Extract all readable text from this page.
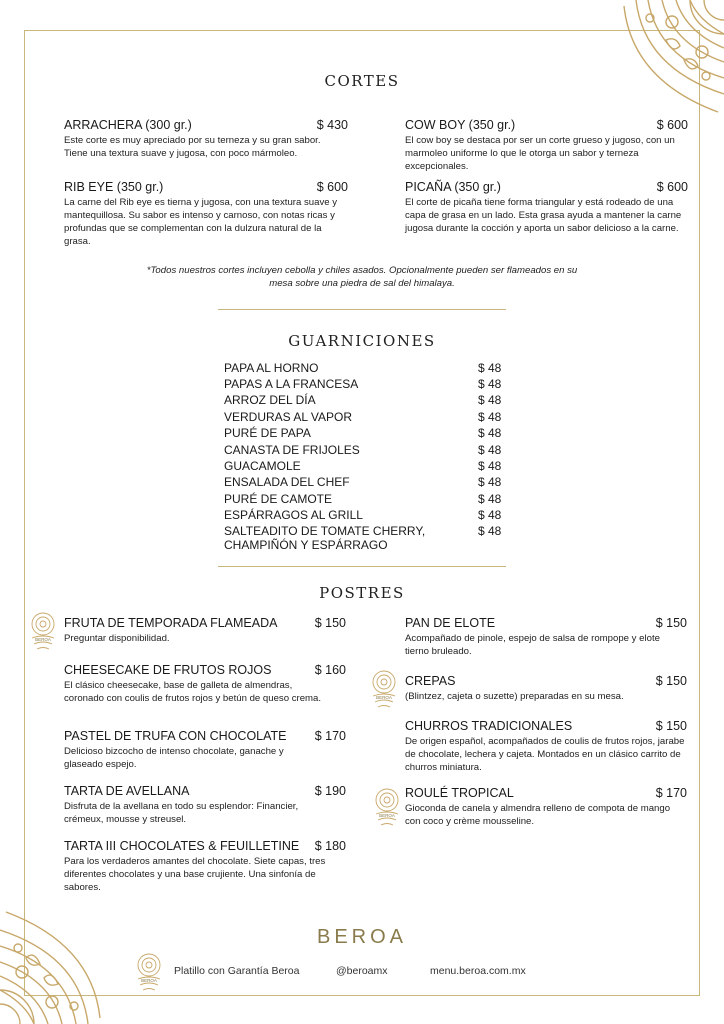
CORTES
ARRACHERA (300 gr.)	$ 430
Este corte es muy apreciado por su terneza y su gran sabor. Tiene una textura suave y jugosa, con poco mármoleo.
RIB EYE (350 gr.)	$ 600
La carne del Rib eye es tierna y jugosa, con una textura suave y mantequillosa. Su sabor es intenso y carnoso, con notas ricas y profundas que se complementan con la dulzura natural de la grasa.
COW BOY (350 gr.)	$ 600
El cow boy se destaca por ser un corte grueso y jugoso, con un marmoleo uniforme lo que le otorga un sabor y terneza excepcionales.
PICAÑA (350 gr.)	$ 600
El corte de picaña tiene forma triangular y está rodeado de una capa de grasa en un lado. Esta grasa ayuda a mantener la carne jugosa durante la cocción y aporta un sabor delicioso a la carne.
*Todos nuestros cortes incluyen cebolla y chiles asados. Opcionalmente pueden ser flameados en su mesa sobre una piedra de sal del himalaya.
GUARNICIONES
PAPA AL HORNO	$ 48
PAPAS A LA FRANCESA	$ 48
ARROZ DEL DÍA	$ 48
VERDURAS AL VAPOR	$ 48
PURÉ DE PAPA	$ 48
CANASTA DE FRIJOLES	$ 48
GUACAMOLE	$ 48
ENSALADA DEL CHEF	$ 48
PURÉ DE CAMOTE	$ 48
ESPÁRRAGOS AL GRILL	$ 48
SALTEADITO DE TOMATE CHERRY, CHAMPIÑÓN Y ESPÁRRAGO
$ 48
POSTRES
BEROA
BEROA
BEROA
FRUTA DE TEMPORADA FLAMEADA	$ 150
Preguntar disponibilidad.
CHEESECAKE DE FRUTOS ROJOS	$ 160
El clásico cheesecake, base de galleta de almendras, coronado con coulis de frutos rojos y betún de queso crema.
PASTEL DE TRUFA CON CHOCOLATE $ 170
Delicioso bizcocho de intenso chocolate, ganache y glaseado espejo.
TARTA DE AVELLANA	$ 190
Disfruta de la avellana en todo su esplendor: Financier, crémeux, mousse y streusel.
TARTA III CHOCOLATES & FEUILLETINE $ 180
Para los verdaderos amantes del chocolate. Siete capas, tres diferentes chocolates y una base crujiente. Una sinfonía de sabores.
PAN DE ELOTE	$ 150
Acompañado de pinole, espejo de salsa de rompope y elote tierno bruleado.
CREPAS	$ 150
(Blintzez, cajeta o suzette) preparadas en su mesa.
CHURROS TRADICIONALES	$ 150
De origen español, acompañados de coulis de frutos rojos, jarabe de chocolate, lechera y cajeta. Montados en un clásico carrito de churros miniatura.
ROULÉ TROPICAL	$ 170
Gioconda de canela y almendra relleno de compota de mango con coco y crème mousseline.
BEROA
BEROA
Platillo con Garantía Beroa	@beroamx	menu.beroa.com.mx
